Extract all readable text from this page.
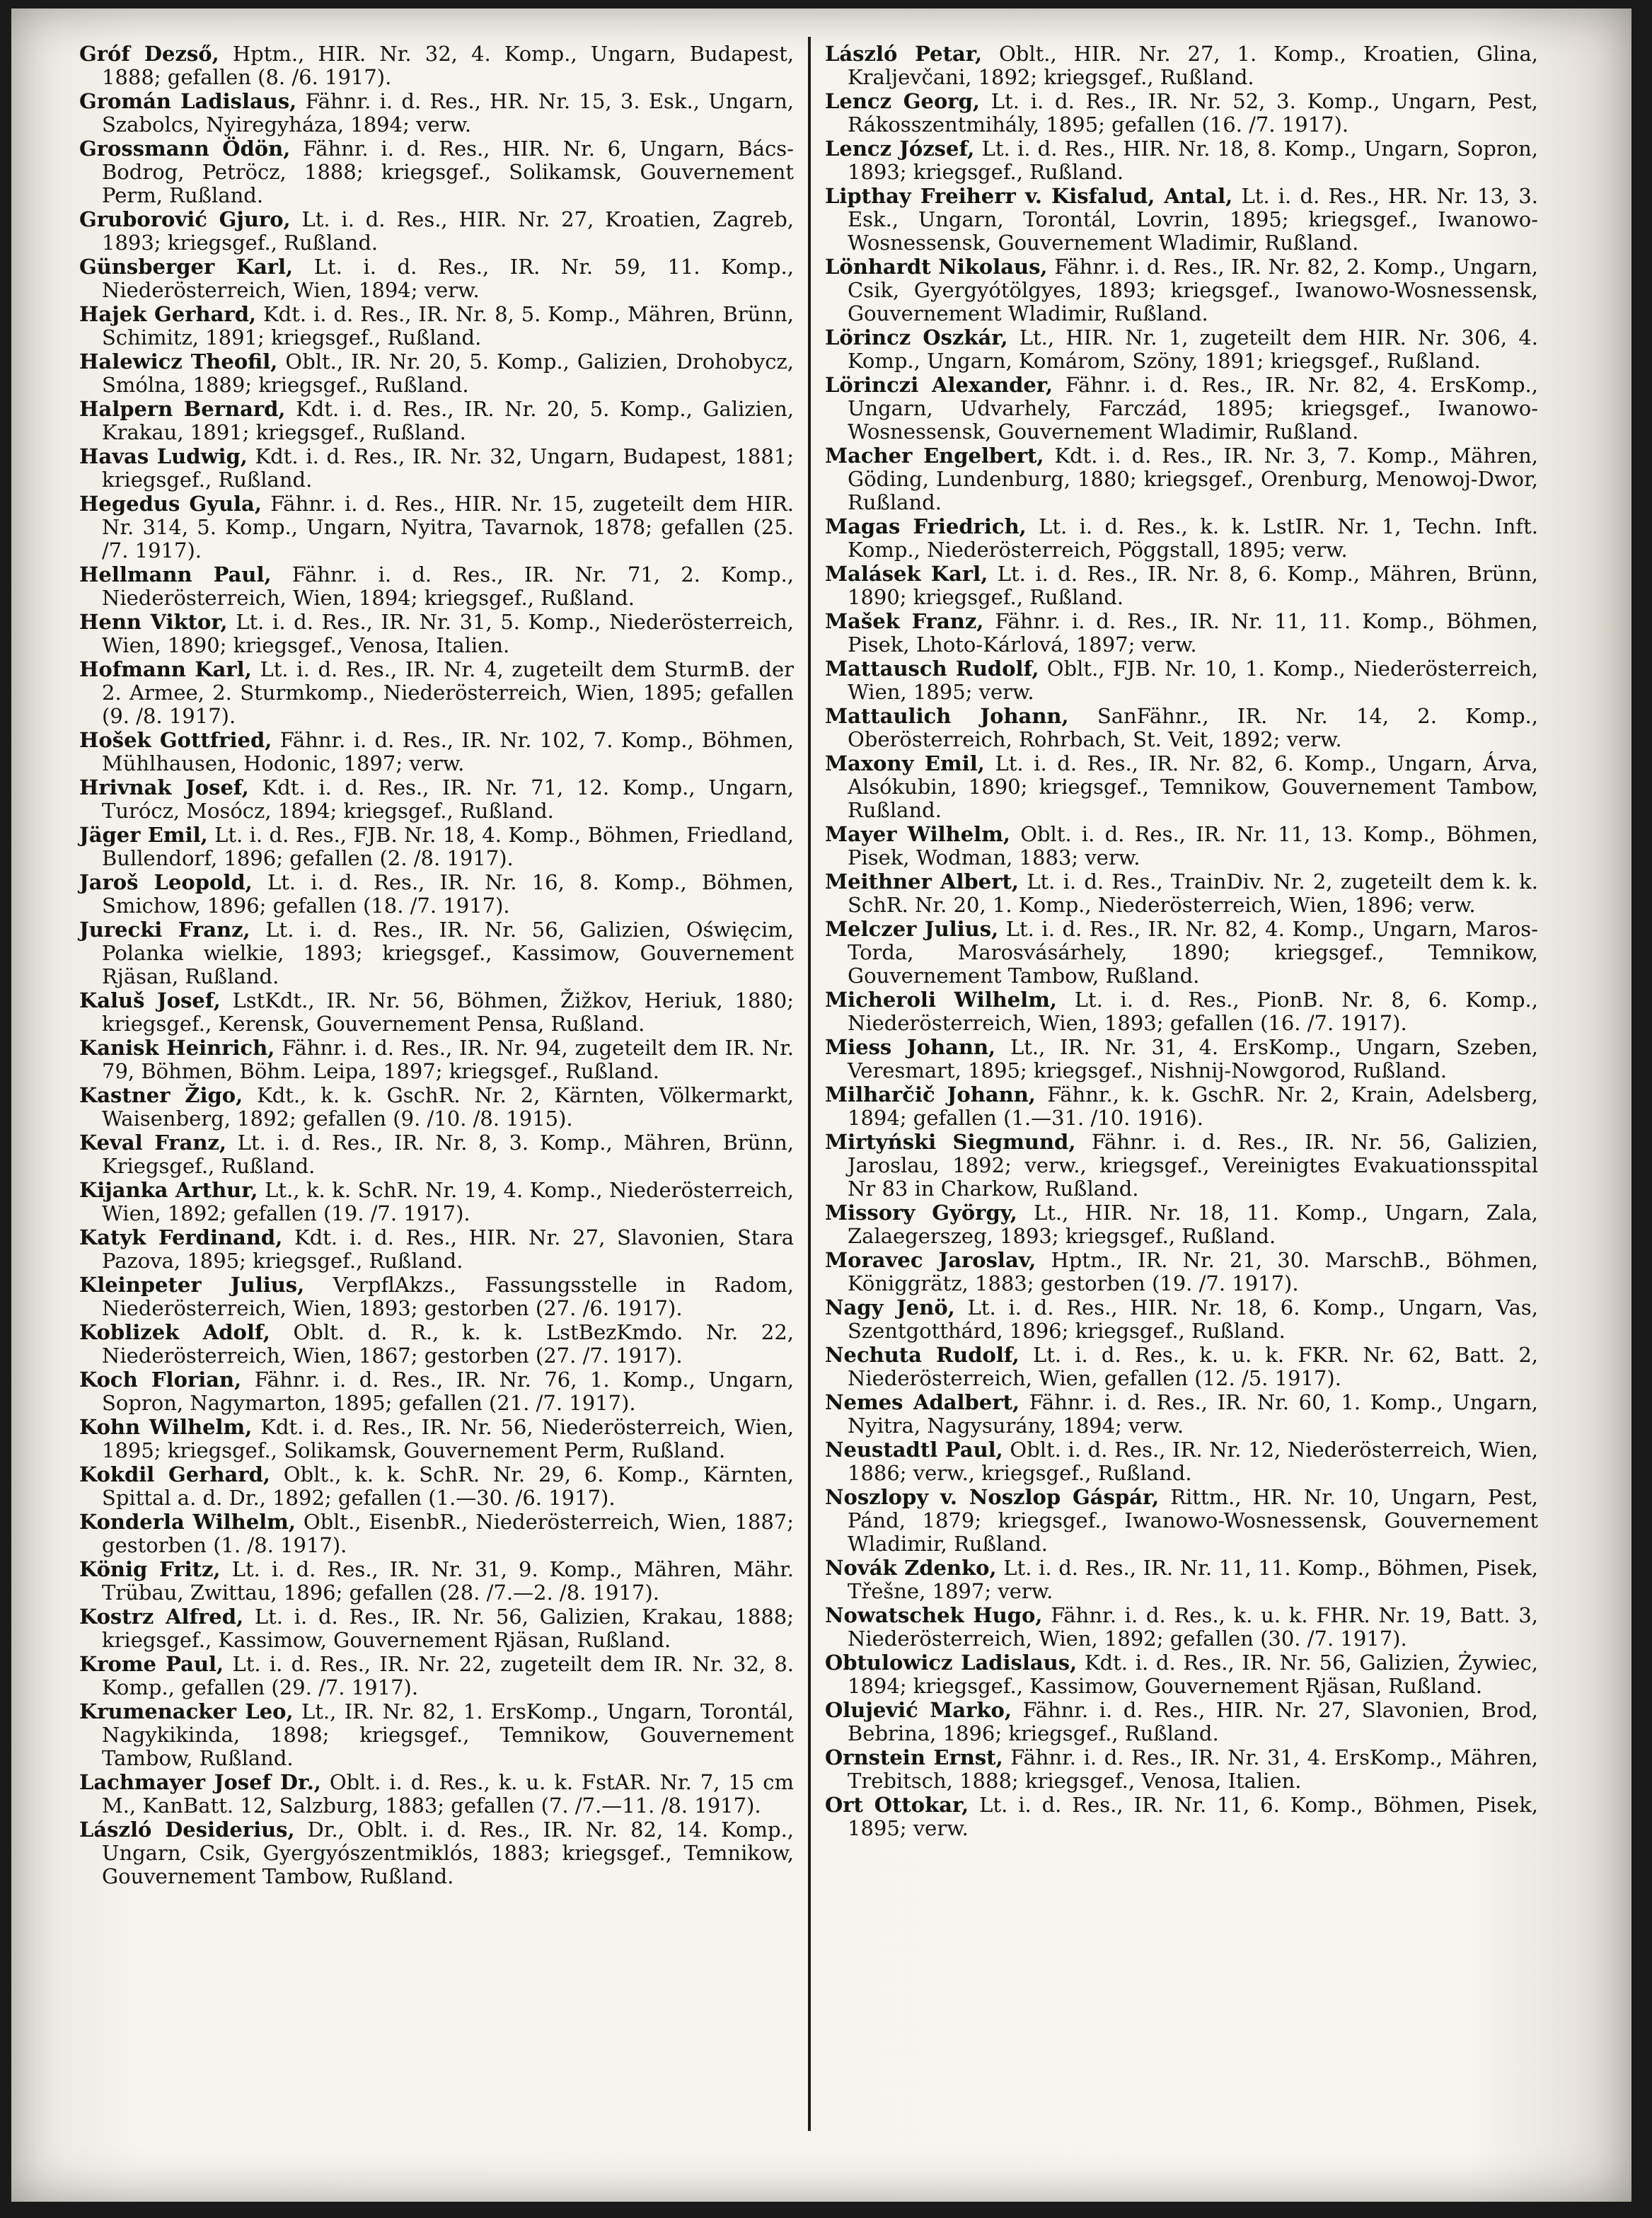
Gróf Dezső, Hptm., HIR. Nr. 32, 4. Komp., Ungarn, Budapest, 1888; gefallen (8. /6. 1917).

Gromán Ladislaus, Fähnr. i. d. Res., HR. Nr. 15, 3. Esk., Ungarn, Szabolcs, Nyiregyháza, 1894; verw.

Grossmann Ödön, Fähnr. i. d. Res., HIR. Nr. 6, Ungarn, Bács-Bodrog, Petröcz, 1888; kriegsgef., Solikamsk, Gouvernement Perm, Rußland.

Gruborović Gjuro, Lt. i. d. Res., HIR. Nr. 27, Kroatien, Zagreb, 1893; kriegsgef., Rußland.

Günsberger Karl, Lt. i. d. Res., IR. Nr. 59, 11. Komp., Niederösterreich, Wien, 1894; verw.

Hajek Gerhard, Kdt. i. d. Res., IR. Nr. 8, 5. Komp., Mähren, Brünn, Schimitz, 1891; kriegsgef., Rußland.

Halewicz Theofil, Oblt., IR. Nr. 20, 5. Komp., Galizien, Drohobycz, Smólna, 1889; kriegsgef., Rußland.

Halpern Bernard, Kdt. i. d. Res., IR. Nr. 20, 5. Komp., Galizien, Krakau, 1891; kriegsgef., Rußland.

Havas Ludwig, Kdt. i. d. Res., IR. Nr. 32, Ungarn, Budapest, 1881; kriegsgef., Rußland.

Hegedus Gyula, Fähnr. i. d. Res., HIR. Nr. 15, zugeteilt dem HIR. Nr. 314, 5. Komp., Ungarn, Nyitra, Tavarnok, 1878; gefallen (25. /7. 1917).

Hellmann Paul, Fähnr. i. d. Res., IR. Nr. 71, 2. Komp., Niederösterreich, Wien, 1894; kriegsgef., Rußland.

Henn Viktor, Lt. i. d. Res., IR. Nr. 31, 5. Komp., Niederösterreich, Wien, 1890; kriegsgef., Venosa, Italien.

Hofmann Karl, Lt. i. d. Res., IR. Nr. 4, zugeteilt dem SturmB. der 2. Armee, 2. Sturmkomp., Niederösterreich, Wien, 1895; gefallen (9. /8. 1917).

Hošek Gottfried, Fähnr. i. d. Res., IR. Nr. 102, 7. Komp., Böhmen, Mühlhausen, Hodonic, 1897; verw.

Hrivnak Josef, Kdt. i. d. Res., IR. Nr. 71, 12. Komp., Ungarn, Turócz, Mosócz, 1894; kriegsgef., Rußland.

Jäger Emil, Lt. i. d. Res., FJB. Nr. 18, 4. Komp., Böhmen, Friedland, Bullendorf, 1896; gefallen (2. /8. 1917).

Jaroš Leopold, Lt. i. d. Res., IR. Nr. 16, 8. Komp., Böhmen, Smichow, 1896; gefallen (18. /7. 1917).

Jurecki Franz, Lt. i. d. Res., IR. Nr. 56, Galizien, Oświęcim, Polanka wielkie, 1893; kriegsgef., Kassimow, Gouvernement Rjäsan, Rußland.

Kaluš Josef, LstKdt., IR. Nr. 56, Böhmen, Žižkov, Heriuk, 1880; kriegsgef., Kerensk, Gouvernement Pensa, Rußland.

Kanisk Heinrich, Fähnr. i. d. Res., IR. Nr. 94, zugeteilt dem IR. Nr. 79, Böhmen, Böhm. Leipa, 1897; kriegsgef., Rußland.

Kastner Žigo, Kdt., k. k. GschR. Nr. 2, Kärnten, Völkermarkt, Waisenberg, 1892; gefallen (9. /10. /8. 1915).

Keval Franz, Lt. i. d. Res., IR. Nr. 8, 3. Komp., Mähren, Brünn, Kriegsgef., Rußland.

Kijanka Arthur, Lt., k. k. SchR. Nr. 19, 4. Komp., Niederösterreich, Wien, 1892; gefallen (19. /7. 1917).

Katyk Ferdinand, Kdt. i. d. Res., HIR. Nr. 27, Slavonien, Stara Pazova, 1895; kriegsgef., Rußland.

Kleinpeter Julius, VerpflAkzs., Fassungsstelle in Radom, Niederösterreich, Wien, 1893; gestorben (27. /6. 1917).

Koblizek Adolf, Oblt. d. R., k. k. LstBezKmdo. Nr. 22, Niederösterreich, Wien, 1867; gestorben (27. /7. 1917).

Koch Florian, Fähnr. i. d. Res., IR. Nr. 76, 1. Komp., Ungarn, Sopron, Nagymarton, 1895; gefallen (21. /7. 1917).

Kohn Wilhelm, Kdt. i. d. Res., IR. Nr. 56, Niederösterreich, Wien, 1895; kriegsgef., Solikamsk, Gouvernement Perm, Rußland.

Kokdil Gerhard, Oblt., k. k. SchR. Nr. 29, 6. Komp., Kärnten, Spittal a. d. Dr., 1892; gefallen (1.—30. /6. 1917).

Konderla Wilhelm, Oblt., EisenbR., Niederösterreich, Wien, 1887; gestorben (1. /8. 1917).

König Fritz, Lt. i. d. Res., IR. Nr. 31, 9. Komp., Mähren, Mähr. Trübau, Zwittau, 1896; gefallen (28. /7.—2. /8. 1917).

Kostrz Alfred, Lt. i. d. Res., IR. Nr. 56, Galizien, Krakau, 1888; kriegsgef., Kassimow, Gouvernement Rjäsan, Rußland.

Krome Paul, Lt. i. d. Res., IR. Nr. 22, zugeteilt dem IR. Nr. 32, 8. Komp., gefallen (29. /7. 1917).

Krumenacker Leo, Lt., IR. Nr. 82, 1. ErsKomp., Ungarn, Torontál, Nagykikinda, 1898; kriegsgef., Temnikow, Gouvernement Tambow, Rußland.

Lachmayer Josef Dr., Oblt. i. d. Res., k. u. k. FstAR. Nr. 7, 15 cm M., KanBatt. 12, Salzburg, 1883; gefallen (7. /7.—11. /8. 1917).

László Desiderius, Dr., Oblt. i. d. Res., IR. Nr. 82, 14. Komp., Ungarn, Csik, Gyergyószentmiklós, 1883; kriegsgef., Temnikow, Gouvernement Tambow, Rußland.

László Petar, Oblt., HIR. Nr. 27, 1. Komp., Kroatien, Glina, Kraljevčani, 1892; kriegsgef., Rußland.

Lencz Georg, Lt. i. d. Res., IR. Nr. 52, 3. Komp., Ungarn, Pest, Rákosszentmihály, 1895; gefallen (16. /7. 1917).

Lencz József, Lt. i. d. Res., HIR. Nr. 18, 8. Komp., Ungarn, Sopron, 1893; kriegsgef., Rußland.

Lipthay Freiherr v. Kisfalud, Antal, Lt. i. d. Res., HR. Nr. 13, 3. Esk., Ungarn, Torontál, Lovrin, 1895; kriegsgef., Iwanowo-Wosnessensk, Gouvernement Wladimir, Rußland.

Lönhardt Nikolaus, Fähnr. i. d. Res., IR. Nr. 82, 2. Komp., Ungarn, Csik, Gyergyótölgyes, 1893; kriegsgef., Iwanowo-Wosnessensk, Gouvernement Wladimir, Rußland.

Lörincz Oszkár, Lt., HIR. Nr. 1, zugeteilt dem HIR. Nr. 306, 4. Komp., Ungarn, Komárom, Szöny, 1891; kriegsgef., Rußland.

Lörinczi Alexander, Fähnr. i. d. Res., IR. Nr. 82, 4. ErsKomp., Ungarn, Udvarhely, Farczád, 1895; kriegsgef., Iwanowo-Wosnessensk, Gouvernement Wladimir, Rußland.

Macher Engelbert, Kdt. i. d. Res., IR. Nr. 3, 7. Komp., Mähren, Göding, Lundenburg, 1880; kriegsgef., Orenburg, Menowoj-Dwor, Rußland.

Magas Friedrich, Lt. i. d. Res., k. k. LstIR. Nr. 1, Techn. Inft. Komp., Niederösterreich, Pöggstall, 1895; verw.

Malásek Karl, Lt. i. d. Res., IR. Nr. 8, 6. Komp., Mähren, Brünn, 1890; kriegsgef., Rußland.

Mašek Franz, Fähnr. i. d. Res., IR. Nr. 11, 11. Komp., Böhmen, Pisek, Lhoto-Kárlová, 1897; verw.

Mattausch Rudolf, Oblt., FJB. Nr. 10, 1. Komp., Niederösterreich, Wien, 1895; verw.

Mattaulich Johann, SanFähnr., IR. Nr. 14, 2. Komp., Oberösterreich, Rohrbach, St. Veit, 1892; verw.

Maxony Emil, Lt. i. d. Res., IR. Nr. 82, 6. Komp., Ungarn, Árva, Alsókubin, 1890; kriegsgef., Temnikow, Gouvernement Tambow, Rußland.

Mayer Wilhelm, Oblt. i. d. Res., IR. Nr. 11, 13. Komp., Böhmen, Pisek, Wodman, 1883; verw.

Meithner Albert, Lt. i. d. Res., TrainDiv. Nr. 2, zugeteilt dem k. k. SchR. Nr. 20, 1. Komp., Niederösterreich, Wien, 1896; verw.

Melczer Julius, Lt. i. d. Res., IR. Nr. 82, 4. Komp., Ungarn, Maros-Torda, Marosvásárhely, 1890; kriegsgef., Temnikow, Gouvernement Tambow, Rußland.

Micheroli Wilhelm, Lt. i. d. Res., PionB. Nr. 8, 6. Komp., Niederösterreich, Wien, 1893; gefallen (16. /7. 1917).

Miess Johann, Lt., IR. Nr. 31, 4. ErsKomp., Ungarn, Szeben, Veresmart, 1895; kriegsgef., Nishnij-Nowgorod, Rußland.

Milharčič Johann, Fähnr., k. k. GschR. Nr. 2, Krain, Adelsberg, 1894; gefallen (1.—31. /10. 1916).

Mirtyński Siegmund, Fähnr. i. d. Res., IR. Nr. 56, Galizien, Jaroslau, 1892; verw., kriegsgef., Vereinigtes Evakuationsspital Nr 83 in Charkow, Rußland.

Missory György, Lt., HIR. Nr. 18, 11. Komp., Ungarn, Zala, Zalaegerszeg, 1893; kriegsgef., Rußland.

Moravec Jaroslav, Hptm., IR. Nr. 21, 30. MarschB., Böhmen, Königgrätz, 1883; gestorben (19. /7. 1917).

Nagy Jenö, Lt. i. d. Res., HIR. Nr. 18, 6. Komp., Ungarn, Vas, Szentgotthárd, 1896; kriegsgef., Rußland.

Nechuta Rudolf, Lt. i. d. Res., k. u. k. FKR. Nr. 62, Batt. 2, Niederösterreich, Wien, gefallen (12. /5. 1917).

Nemes Adalbert, Fähnr. i. d. Res., IR. Nr. 60, 1. Komp., Ungarn, Nyitra, Nagysurány, 1894; verw.

Neustadtl Paul, Oblt. i. d. Res., IR. Nr. 12, Niederösterreich, Wien, 1886; verw., kriegsgef., Rußland.

Noszlopy v. Noszlop Gáspár, Rittm., HR. Nr. 10, Ungarn, Pest, Pánd, 1879; kriegsgef., Iwanowo-Wosnessensk, Gouvernement Wladimir, Rußland.

Novák Zdenko, Lt. i. d. Res., IR. Nr. 11, 11. Komp., Böhmen, Pisek, Třešne, 1897; verw.

Nowatschek Hugo, Fähnr. i. d. Res., k. u. k. FHR. Nr. 19, Batt. 3, Niederösterreich, Wien, 1892; gefallen (30. /7. 1917).

Obtulowicz Ladislaus, Kdt. i. d. Res., IR. Nr. 56, Galizien, Żywiec, 1894; kriegsgef., Kassimow, Gouvernement Rjäsan, Rußland.

Olujević Marko, Fähnr. i. d. Res., HIR. Nr. 27, Slavonien, Brod, Bebrina, 1896; kriegsgef., Rußland.

Ornstein Ernst, Fähnr. i. d. Res., IR. Nr. 31, 4. ErsKomp., Mähren, Trebitsch, 1888; kriegsgef., Venosa, Italien.

Ort Ottokar, Lt. i. d. Res., IR. Nr. 11, 6. Komp., Böhmen, Pisek, 1895; verw.
